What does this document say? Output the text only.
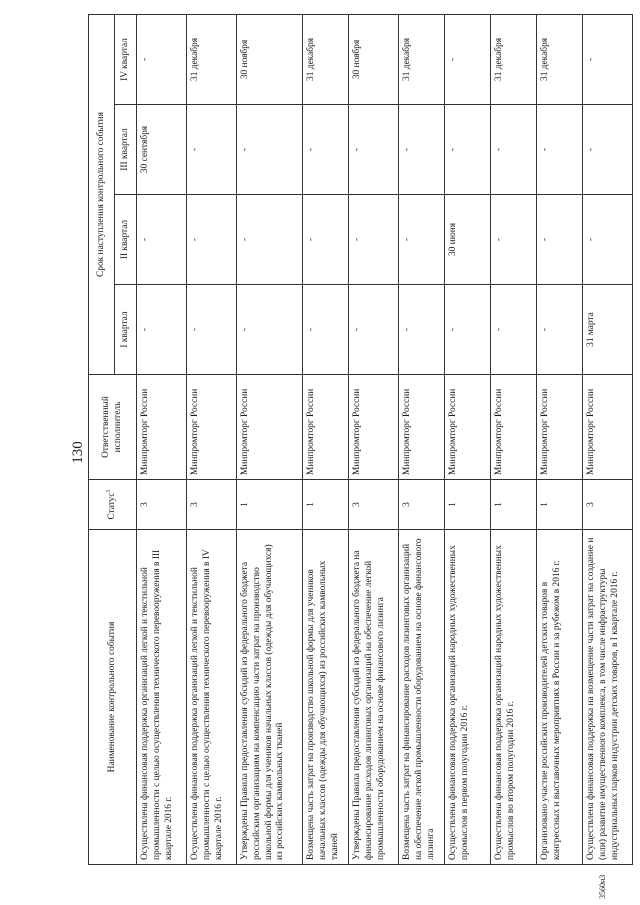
130
Наименование контрольного события	Статус$^1$	Ответственный исполнитель	Срок наступления контрольного события			
			I квартал	II квартал	III квартал	IV квартал
Осуществлена финансовая поддержка организаций легкой и текстильной промышленности с целью осуществления технического перевооружения в III квартале 2016 г.	3	Минпромторг России	-	-	30 сентября	-
Осуществлена финансовая поддержка организаций легкой и текстильной промышленности с целью осуществления технического перевооружения в IV квартале 2016 г.	3	Минпромторг России	-	-	-	31 декабря
Утверждены Правила предоставления субсидий из федерального бюджета российским организациям на компенсацию части затрат на производство школьной формы для учеников начальных классов (одежды для обучающихся) из российских камвольных тканей	1	Минпромторг России	-	-	-	30 ноября
Возмещена часть затрат на производство школьной формы для учеников начальных классов (одежды для обучающихся) из российских камвольных тканей	1	Минпромторг России	-	-	-	31 декабря
Утверждены Правила предоставления субсидий из федерального бюджета на финансирование расходов лизинговых организаций на обеспечение легкой промышленности оборудованием на основе финансового лизинга	3	Минпромторг России	-	-	-	30 ноября
Возмещена часть затрат на финансирование расходов лизинговых организаций на обеспечение легкой промышленности оборудованием на основе финансового лизинга	3	Минпромторг России	-	-	-	31 декабря
Осуществлена финансовая поддержка организаций народных художественных промыслов в первом полугодии 2016 г.	1	Минпромторг России	-	30 июня	-	-
Осуществлена финансовая поддержка организаций народных художественных промыслов во втором полугодии 2016 г.	1	Минпромторг России	-	-	-	31 декабря
Организовано участие российских производителей детских товаров в конгрессных и выставочных мероприятиях в России и за рубежом в 2016 г.	1	Минпромторг России	-	-	-	31 декабря
Осуществлена финансовая поддержка на возмещение части затрат на создание и (или) развитие имущественного комплекса, в том числе инфраструктуры индустриальных парков индустрии детских товаров, в I квартале 2016 г.	3	Минпромторг России	31 марта	-	-	-
3560н3
